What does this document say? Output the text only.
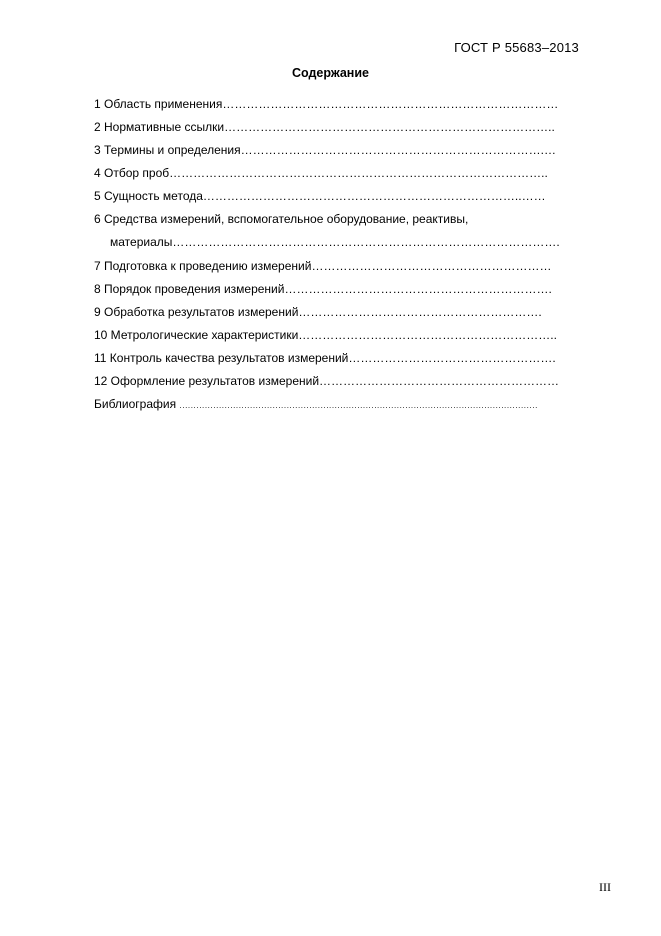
ГОСТ Р 55683–2013
Содержание
1 Область применения…………………………………………………………………………
2 Нормативные ссылки………………………………………………………………………..
3 Термины и определения………………………………………………………………….…
4 Отбор проб…………………………………………………………………………………..
5 Сущность метода……………………………………………………………………..……
6 Средства измерений, вспомогательное оборудование, реактивы,
материалы…………………………………………………………………………………….
7 Подготовка к проведению измерений……………………………………………………
8 Порядок проведения измерений………………………………………………………….
9 Обработка результатов измерений…………………………………………………….
10 Метрологические характеристики………………………………………………………..
11 Контроль качества результатов измерений…………………………………………….
12 Оформление результатов измерений……………………………………………………
Библиография ...............................................................................................................................
III
